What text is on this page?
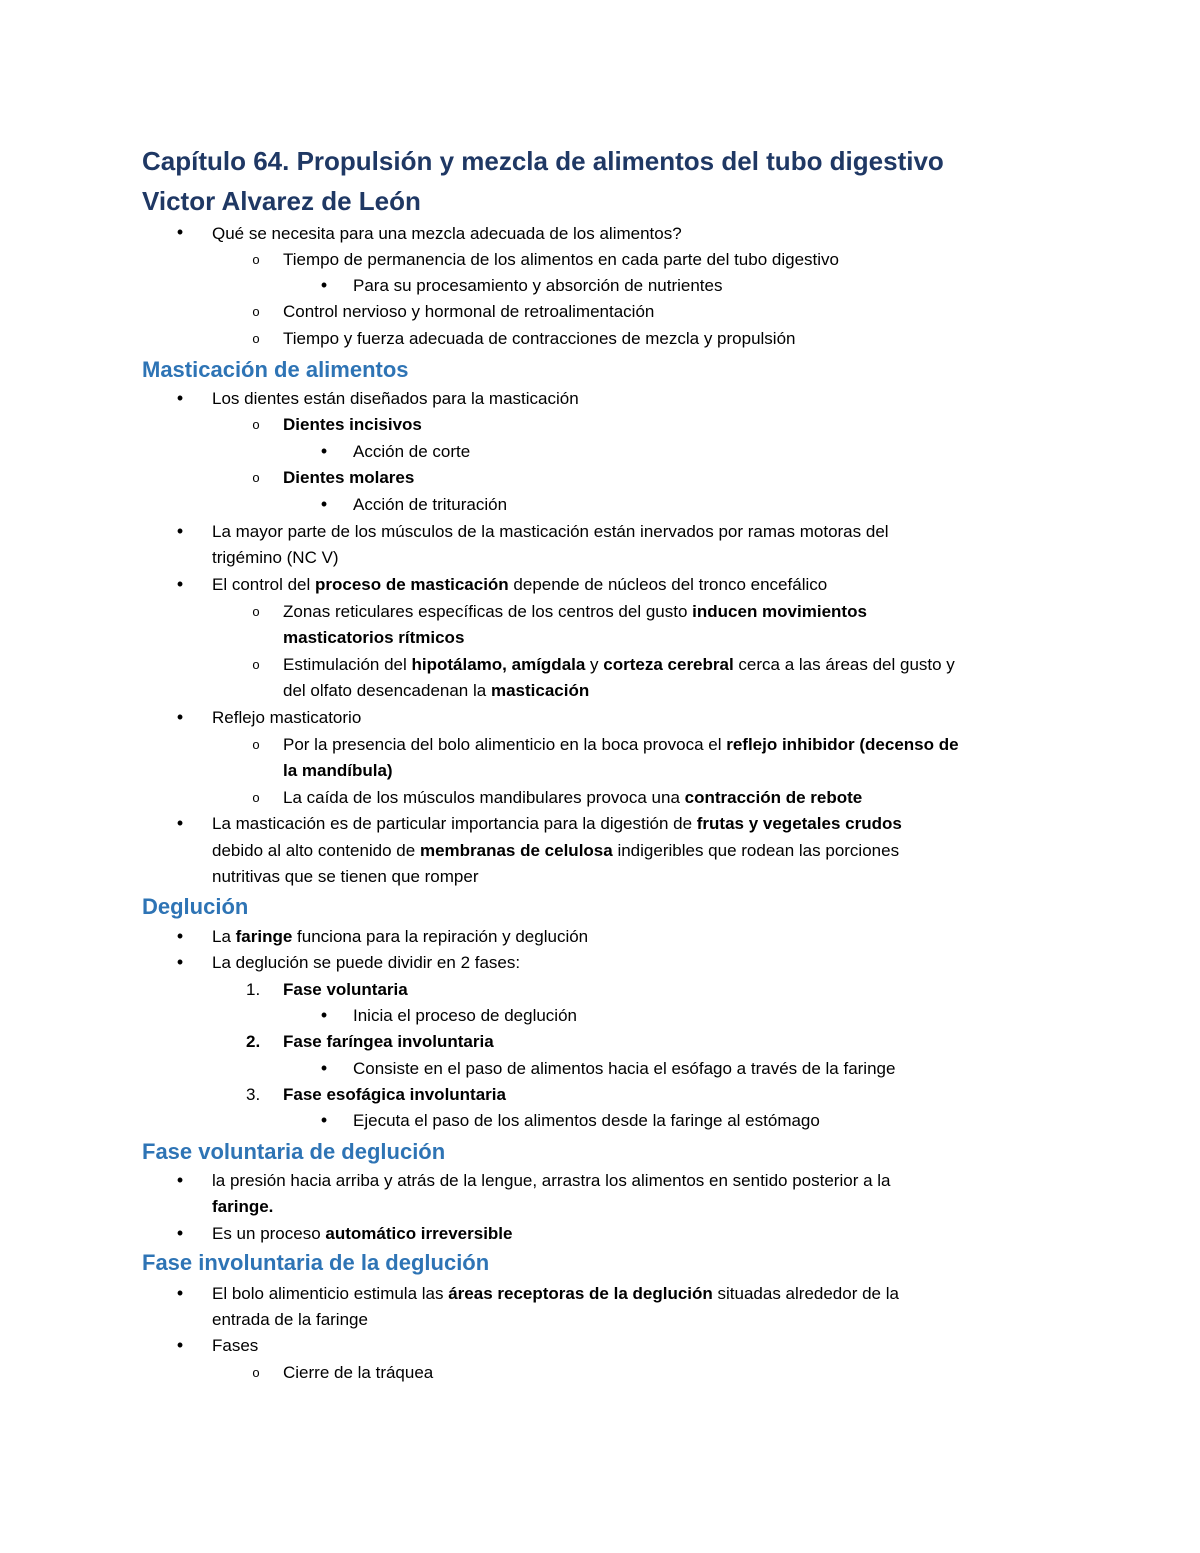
Capítulo 64. Propulsión y mezcla de alimentos del tubo digestivo
Victor Alvarez de León
•	Qué se necesita para una mezcla adecuada de los alimentos?
o	Tiempo de permanencia de los alimentos en cada parte del tubo digestivo
•	Para su procesamiento y absorción de nutrientes
o	Control nervioso y hormonal de retroalimentación
o	Tiempo y fuerza adecuada de contracciones de mezcla y propulsión
Masticación de alimentos
•	Los dientes están diseñados para la masticación
o	Dientes incisivos
•	Acción de corte
o	Dientes molares
•	Acción de trituración
•	La mayor parte de los músculos de la masticación están inervados por ramas motoras del
trigémino (NC V)
•	El control del proceso de masticación depende de núcleos del tronco encefálico
o	Zonas reticulares específicas de los centros del gusto inducen movimientos
masticatorios rítmicos
o	Estimulación del hipotálamo, amígdala y corteza cerebral cerca a las áreas del gusto y
del olfato desencadenan la masticación
•	Reflejo masticatorio
o	Por la presencia del bolo alimenticio en la boca provoca el reflejo inhibidor (decenso de
la mandíbula)
o	La caída de los músculos mandibulares provoca una contracción de rebote
•	La masticación es de particular importancia para la digestión de frutas y vegetales crudos
debido al alto contenido de membranas de celulosa indigeribles que rodean las porciones
nutritivas que se tienen que romper
Deglución
•	La faringe funciona para la repiración y deglución
•	La deglución se puede dividir en 2 fases:
1. Fase voluntaria
•	Inicia el proceso de deglución
2. Fase faríngea involuntaria
•	Consiste en el paso de alimentos hacia el esófago a través de la faringe
3. Fase esofágica involuntaria
•	Ejecuta el paso de los alimentos desde la faringe al estómago
Fase voluntaria de deglución
•	la presión hacia arriba y atrás de la lengue, arrastra los alimentos en sentido posterior a la
faringe.
•	Es un proceso automático irreversible
Fase involuntaria de la deglución
•	El bolo alimenticio estimula las áreas receptoras de la deglución situadas alrededor de la
entrada de la faringe
•	Fases
o	Cierre de la tráquea
